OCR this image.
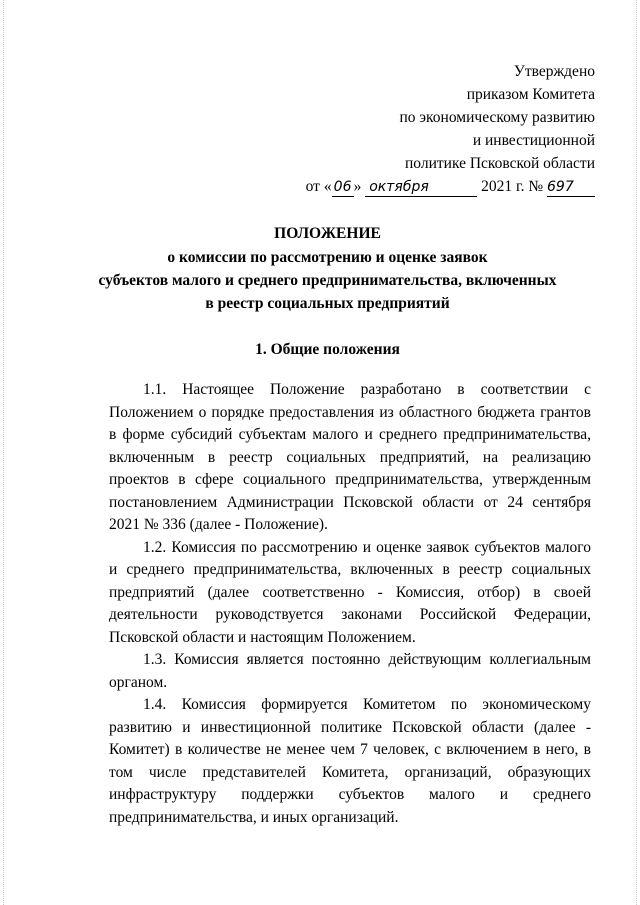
Утверждено
приказом Комитета
по экономическому развитию
и инвестиционной
политике Псковской области
от « 06 » октября	2021 г. № 697
ПОЛОЖЕНИЕ
о комиссии по рассмотрению и оценке заявок
субъектов малого и среднего предпринимательства, включенных
в реестр социальных предприятий
1. Общие положения

1.1. Настоящее Положение разработано в соответствии с Положением о порядке предоставления из областного бюджета грантов в форме субсидий субъектам малого и среднего предпринимательства, включенным в реестр социальных предприятий, на реализацию проектов в сфере социального предпринимательства, утвержденным постановлением Администрации Псковской области от 24 сентября 2021 № 336 (далее - Положение).

1.2. Комиссия по рассмотрению и оценке заявок субъектов малого и среднего предпринимательства, включенных в реестр социальных предприятий (далее соответственно - Комиссия, отбор) в своей деятельности руководствуется законами Российской Федерации, Псковской области и настоящим Положением.

1.3. Комиссия является постоянно действующим коллегиальным органом.

1.4. Комиссия формируется Комитетом по экономическому развитию и инвестиционной политике Псковской области (далее - Комитет) в количестве не менее чем 7 человек, с включением в него, в том числе представителей Комитета, организаций, образующих инфраструктуру поддержки субъектов малого и среднего предпринимательства, и иных организаций.
